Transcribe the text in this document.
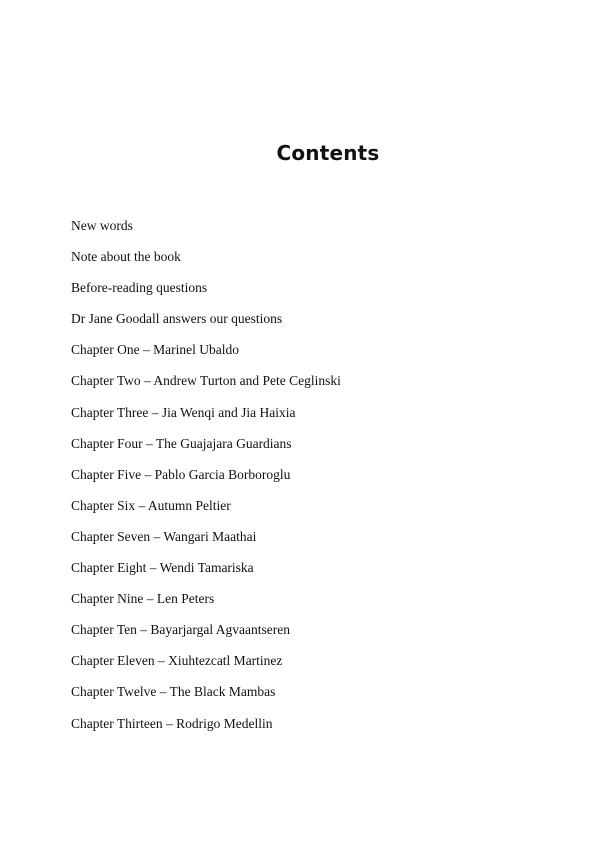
Contents
New words
Note about the book
Before-reading questions
Dr Jane Goodall answers our questions
Chapter One – Marinel Ubaldo
Chapter Two – Andrew Turton and Pete Ceglinski
Chapter Three – Jia Wenqi and Jia Haixia
Chapter Four – The Guajajara Guardians
Chapter Five – Pablo Garcia Borboroglu
Chapter Six – Autumn Peltier
Chapter Seven – Wangari Maathai
Chapter Eight – Wendi Tamariska
Chapter Nine – Len Peters
Chapter Ten – Bayarjargal Agvaantseren
Chapter Eleven – Xiuhtezcatl Martinez
Chapter Twelve – The Black Mambas
Chapter Thirteen – Rodrigo Medellin
